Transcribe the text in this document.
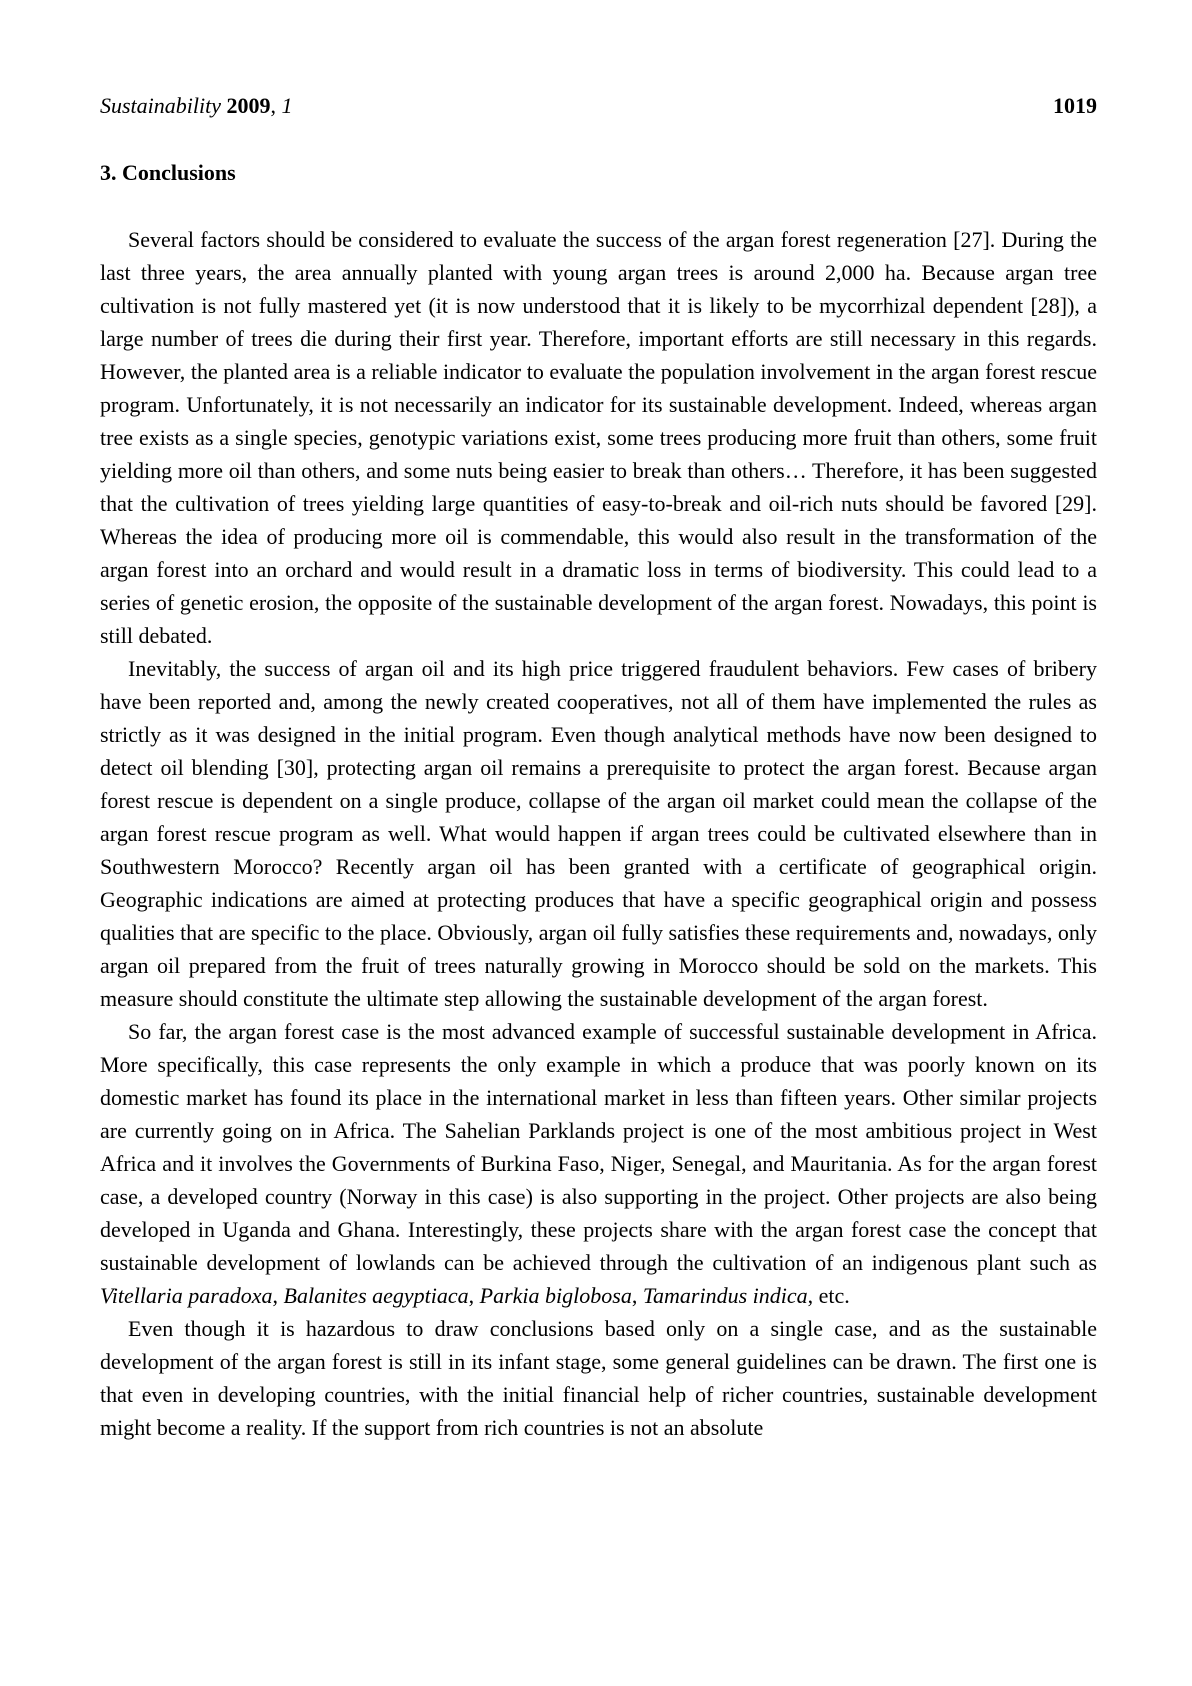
Sustainability 2009, 1	1019
3. Conclusions

Several factors should be considered to evaluate the success of the argan forest regeneration [27]. During the last three years, the area annually planted with young argan trees is around 2,000 ha. Because argan tree cultivation is not fully mastered yet (it is now understood that it is likely to be mycorrhizal dependent [28]), a large number of trees die during their first year. Therefore, important efforts are still necessary in this regards. However, the planted area is a reliable indicator to evaluate the population involvement in the argan forest rescue program. Unfortunately, it is not necessarily an indicator for its sustainable development. Indeed, whereas argan tree exists as a single species, genotypic variations exist, some trees producing more fruit than others, some fruit yielding more oil than others, and some nuts being easier to break than others… Therefore, it has been suggested that the cultivation of trees yielding large quantities of easy-to-break and oil-rich nuts should be favored [29]. Whereas the idea of producing more oil is commendable, this would also result in the transformation of the argan forest into an orchard and would result in a dramatic loss in terms of biodiversity. This could lead to a series of genetic erosion, the opposite of the sustainable development of the argan forest. Nowadays, this point is still debated.

Inevitably, the success of argan oil and its high price triggered fraudulent behaviors. Few cases of bribery have been reported and, among the newly created cooperatives, not all of them have implemented the rules as strictly as it was designed in the initial program. Even though analytical methods have now been designed to detect oil blending [30], protecting argan oil remains a prerequisite to protect the argan forest. Because argan forest rescue is dependent on a single produce, collapse of the argan oil market could mean the collapse of the argan forest rescue program as well. What would happen if argan trees could be cultivated elsewhere than in Southwestern Morocco? Recently argan oil has been granted with a certificate of geographical origin. Geographic indications are aimed at protecting produces that have a specific geographical origin and possess qualities that are specific to the place. Obviously, argan oil fully satisfies these requirements and, nowadays, only argan oil prepared from the fruit of trees naturally growing in Morocco should be sold on the markets. This measure should constitute the ultimate step allowing the sustainable development of the argan forest.

So far, the argan forest case is the most advanced example of successful sustainable development in Africa. More specifically, this case represents the only example in which a produce that was poorly known on its domestic market has found its place in the international market in less than fifteen years. Other similar projects are currently going on in Africa. The Sahelian Parklands project is one of the most ambitious project in West Africa and it involves the Governments of Burkina Faso, Niger, Senegal, and Mauritania. As for the argan forest case, a developed country (Norway in this case) is also supporting in the project. Other projects are also being developed in Uganda and Ghana. Interestingly, these projects share with the argan forest case the concept that sustainable development of lowlands can be achieved through the cultivation of an indigenous plant such as Vitellaria paradoxa, Balanites aegyptiaca, Parkia biglobosa, Tamarindus indica, etc.

Even though it is hazardous to draw conclusions based only on a single case, and as the sustainable development of the argan forest is still in its infant stage, some general guidelines can be drawn. The first one is that even in developing countries, with the initial financial help of richer countries, sustainable development might become a reality. If the support from rich countries is not an absolute
